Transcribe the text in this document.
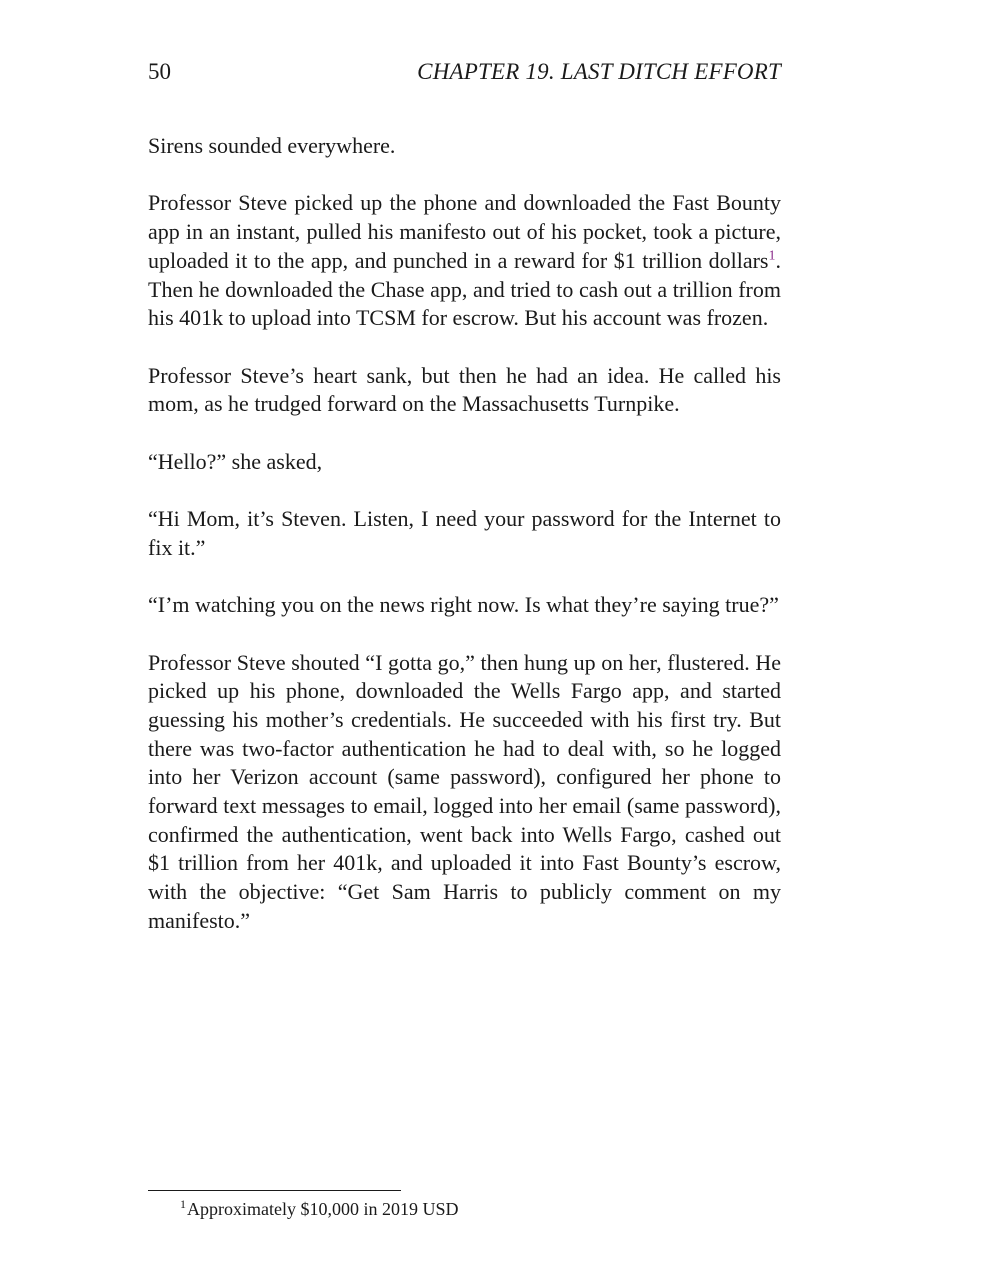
50	CHAPTER 19. LAST DITCH EFFORT

Sirens sounded everywhere.

Professor Steve picked up the phone and downloaded the Fast Bounty app in an instant, pulled his manifesto out of his pocket, took a picture, uploaded it to the app, and punched in a reward for $1 trillion dollars$^1$. Then he downloaded the Chase app, and tried to cash out a trillion from his 401k to upload into TCSM for escrow. But his account was frozen.

Professor Steve’s heart sank, but then he had an idea. He called his mom, as he trudged forward on the Massachusetts Turnpike.

“Hello?” she asked,

“Hi Mom, it’s Steven. Listen, I need your password for the Internet to fix it.”

“I’m watching you on the news right now. Is what they’re saying true?”

Professor Steve shouted “I gotta go,” then hung up on her, flustered. He picked up his phone, downloaded the Wells Fargo app, and started guessing his mother’s credentials. He succeeded with his first try. But there was two-factor authentication he had to deal with, so he logged into her Verizon account (same password), configured her phone to forward text messages to email, logged into her email (same password), confirmed the authentication, went back into Wells Fargo, cashed out $1 trillion from her 401k, and uploaded it into Fast Bounty’s escrow, with the objective: “Get Sam Harris to publicly comment on my manifesto.”

$^1$Approximately $10,000 in 2019 USD
